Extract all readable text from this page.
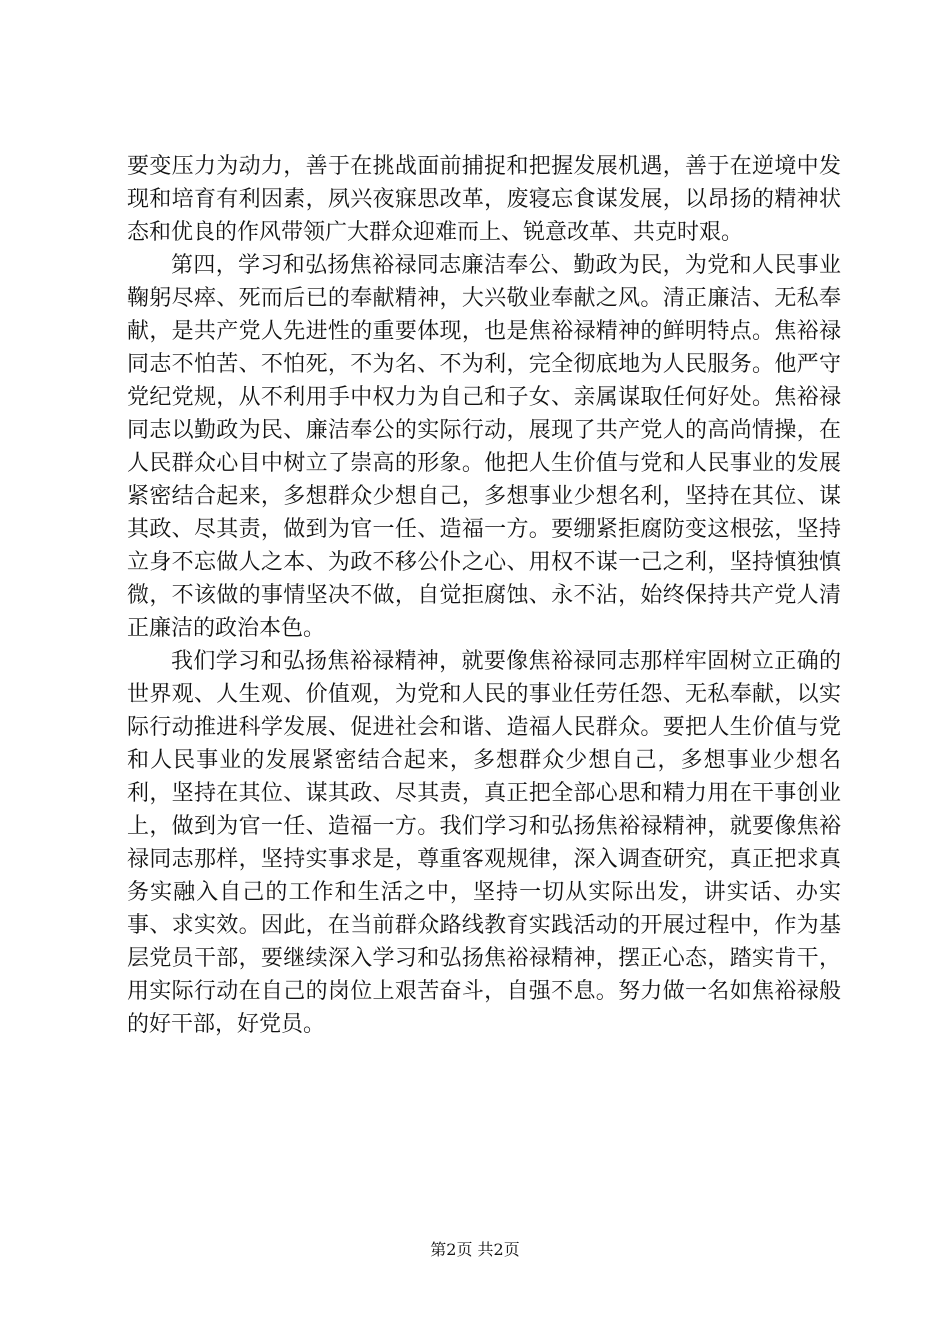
要变压力为动力，善于在挑战面前捕捉和把握发展机遇，善于在逆境中发现和培育有利因素，夙兴夜寐思改革，废寝忘食谋发展，以昂扬的精神状态和优良的作风带领广大群众迎难而上、锐意改革、共克时艰。

第四，学习和弘扬焦裕禄同志廉洁奉公、勤政为民，为党和人民事业鞠躬尽瘁、死而后已的奉献精神，大兴敬业奉献之风。清正廉洁、无私奉献，是共产党人先进性的重要体现，也是焦裕禄精神的鲜明特点。焦裕禄同志不怕苦、不怕死，不为名、不为利，完全彻底地为人民服务。他严守党纪党规，从不利用手中权力为自己和子女、亲属谋取任何好处。焦裕禄同志以勤政为民、廉洁奉公的实际行动，展现了共产党人的高尚情操，在人民群众心目中树立了崇高的形象。他把人生价值与党和人民事业的发展紧密结合起来，多想群众少想自己，多想事业少想名利，坚持在其位、谋其政、尽其责，做到为官一任、造福一方。要绷紧拒腐防变这根弦，坚持立身不忘做人之本、为政不移公仆之心、用权不谋一己之利，坚持慎独慎微，不该做的事情坚决不做，自觉拒腐蚀、永不沾，始终保持共产党人清正廉洁的政治本色。

我们学习和弘扬焦裕禄精神，就要像焦裕禄同志那样牢固树立正确的世界观、人生观、价值观，为党和人民的事业任劳任怨、无私奉献，以实际行动推进科学发展、促进社会和谐、造福人民群众。要把人生价值与党和人民事业的发展紧密结合起来，多想群众少想自己，多想事业少想名利，坚持在其位、谋其政、尽其责，真正把全部心思和精力用在干事创业上，做到为官一任、造福一方。我们学习和弘扬焦裕禄精神，就要像焦裕禄同志那样，坚持实事求是，尊重客观规律，深入调查研究，真正把求真务实融入自己的工作和生活之中，坚持一切从实际出发，讲实话、办实事、求实效。因此，在当前群众路线教育实践活动的开展过程中，作为基层党员干部，要继续深入学习和弘扬焦裕禄精神，摆正心态，踏实肯干，用实际行动在自己的岗位上艰苦奋斗，自强不息。努力做一名如焦裕禄般的好干部，好党员。

第2页 共2页
